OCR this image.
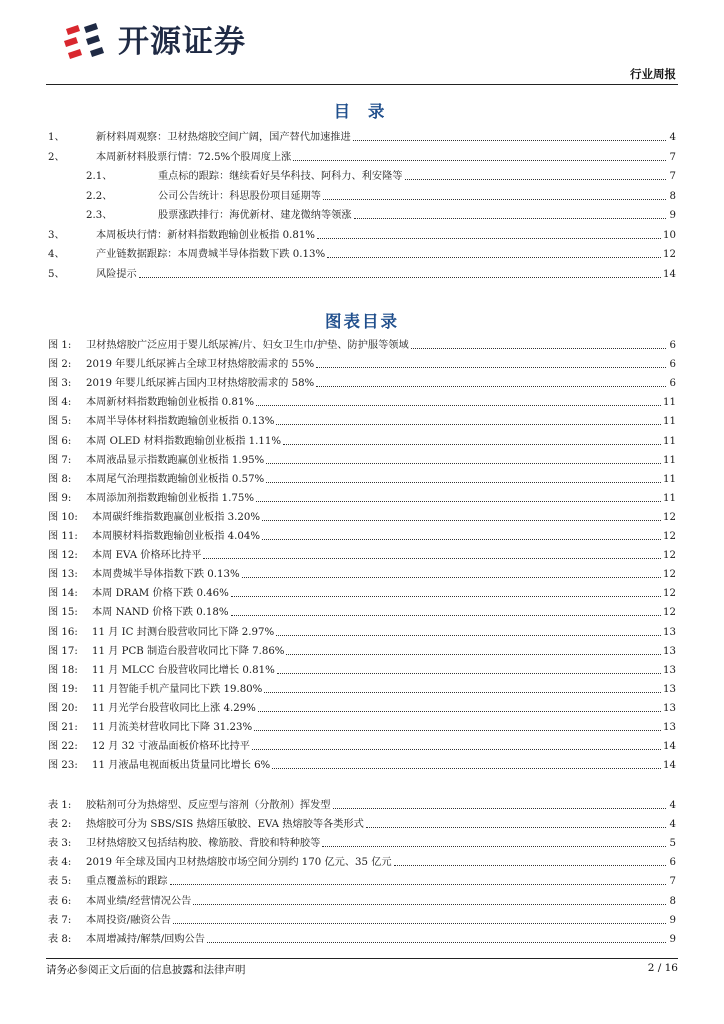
开源证券
行业周报
目 录
1、	新材料周观察：卫材热熔胶空间广阔，国产替代加速推进	4
2、	本周新材料股票行情：72.5%个股周度上涨	7
2.1、	重点标的跟踪：继续看好昊华科技、阿科力、利安隆等	7
2.2、	公司公告统计：科思股份项目延期等	8
2.3、	股票涨跌排行：海优新材、建龙微纳等领涨	9
3、	本周板块行情：新材料指数跑输创业板指 0.81%	10
4、	产业链数据跟踪：本周费城半导体指数下跌 0.13%	12
5、	风险提示	14
图表目录
图 1:	卫材热熔胶广泛应用于婴儿纸尿裤/片、妇女卫生巾/护垫、防护服等领域	6
图 2:	2019 年婴儿纸尿裤占全球卫材热熔胶需求的 55%	6
图 3:	2019 年婴儿纸尿裤占国内卫材热熔胶需求的 58%	6
图 4:	本周新材料指数跑输创业板指 0.81%	11
图 5:	本周半导体材料指数跑输创业板指 0.13%	11
图 6:	本周 OLED 材料指数跑输创业板指 1.11%	11
图 7:	本周液晶显示指数跑赢创业板指 1.95%	11
图 8:	本周尾气治理指数跑输创业板指 0.57%	11
图 9:	本周添加剂指数跑输创业板指 1.75%	11
图 10:	本周碳纤维指数跑赢创业板指 3.20%	12
图 11:	本周膜材料指数跑输创业板指 4.04%	12
图 12:	本周 EVA 价格环比持平	12
图 13:	本周费城半导体指数下跌 0.13%	12
图 14:	本周 DRAM 价格下跌 0.46%	12
图 15:	本周 NAND 价格下跌 0.18%	12
图 16:	11 月 IC 封测台股营收同比下降 2.97%	13
图 17:	11 月 PCB 制造台股营收同比下降 7.86%	13
图 18:	11 月 MLCC 台股营收同比增长 0.81%	13
图 19:	11 月智能手机产量同比下跌 19.80%	13
图 20:	11 月光学台股营收同比上涨 4.29%	13
图 21:	11 月流美材营收同比下降 31.23%	13
图 22:	12 月 32 寸液晶面板价格环比持平	14
图 23:	11 月液晶电视面板出货量同比增长 6%	14
表 1:	胶粘剂可分为热熔型、反应型与溶剂（分散剂）挥发型	4
表 2:	热熔胶可分为 SBS/SIS 热熔压敏胶、EVA 热熔胶等各类形式	4
表 3:	卫材热熔胶又包括结构胶、橡筋胶、背胶和特种胶等	5
表 4:	2019 年全球及国内卫材热熔胶市场空间分别约 170 亿元、35 亿元	6
表 5:	重点覆盖标的跟踪	7
表 6:	本周业绩/经营情况公告	8
表 7:	本周投资/融资公告	9
表 8:	本周增减持/解禁/回购公告	9
请务必参阅正文后面的信息披露和法律声明	2 / 16
